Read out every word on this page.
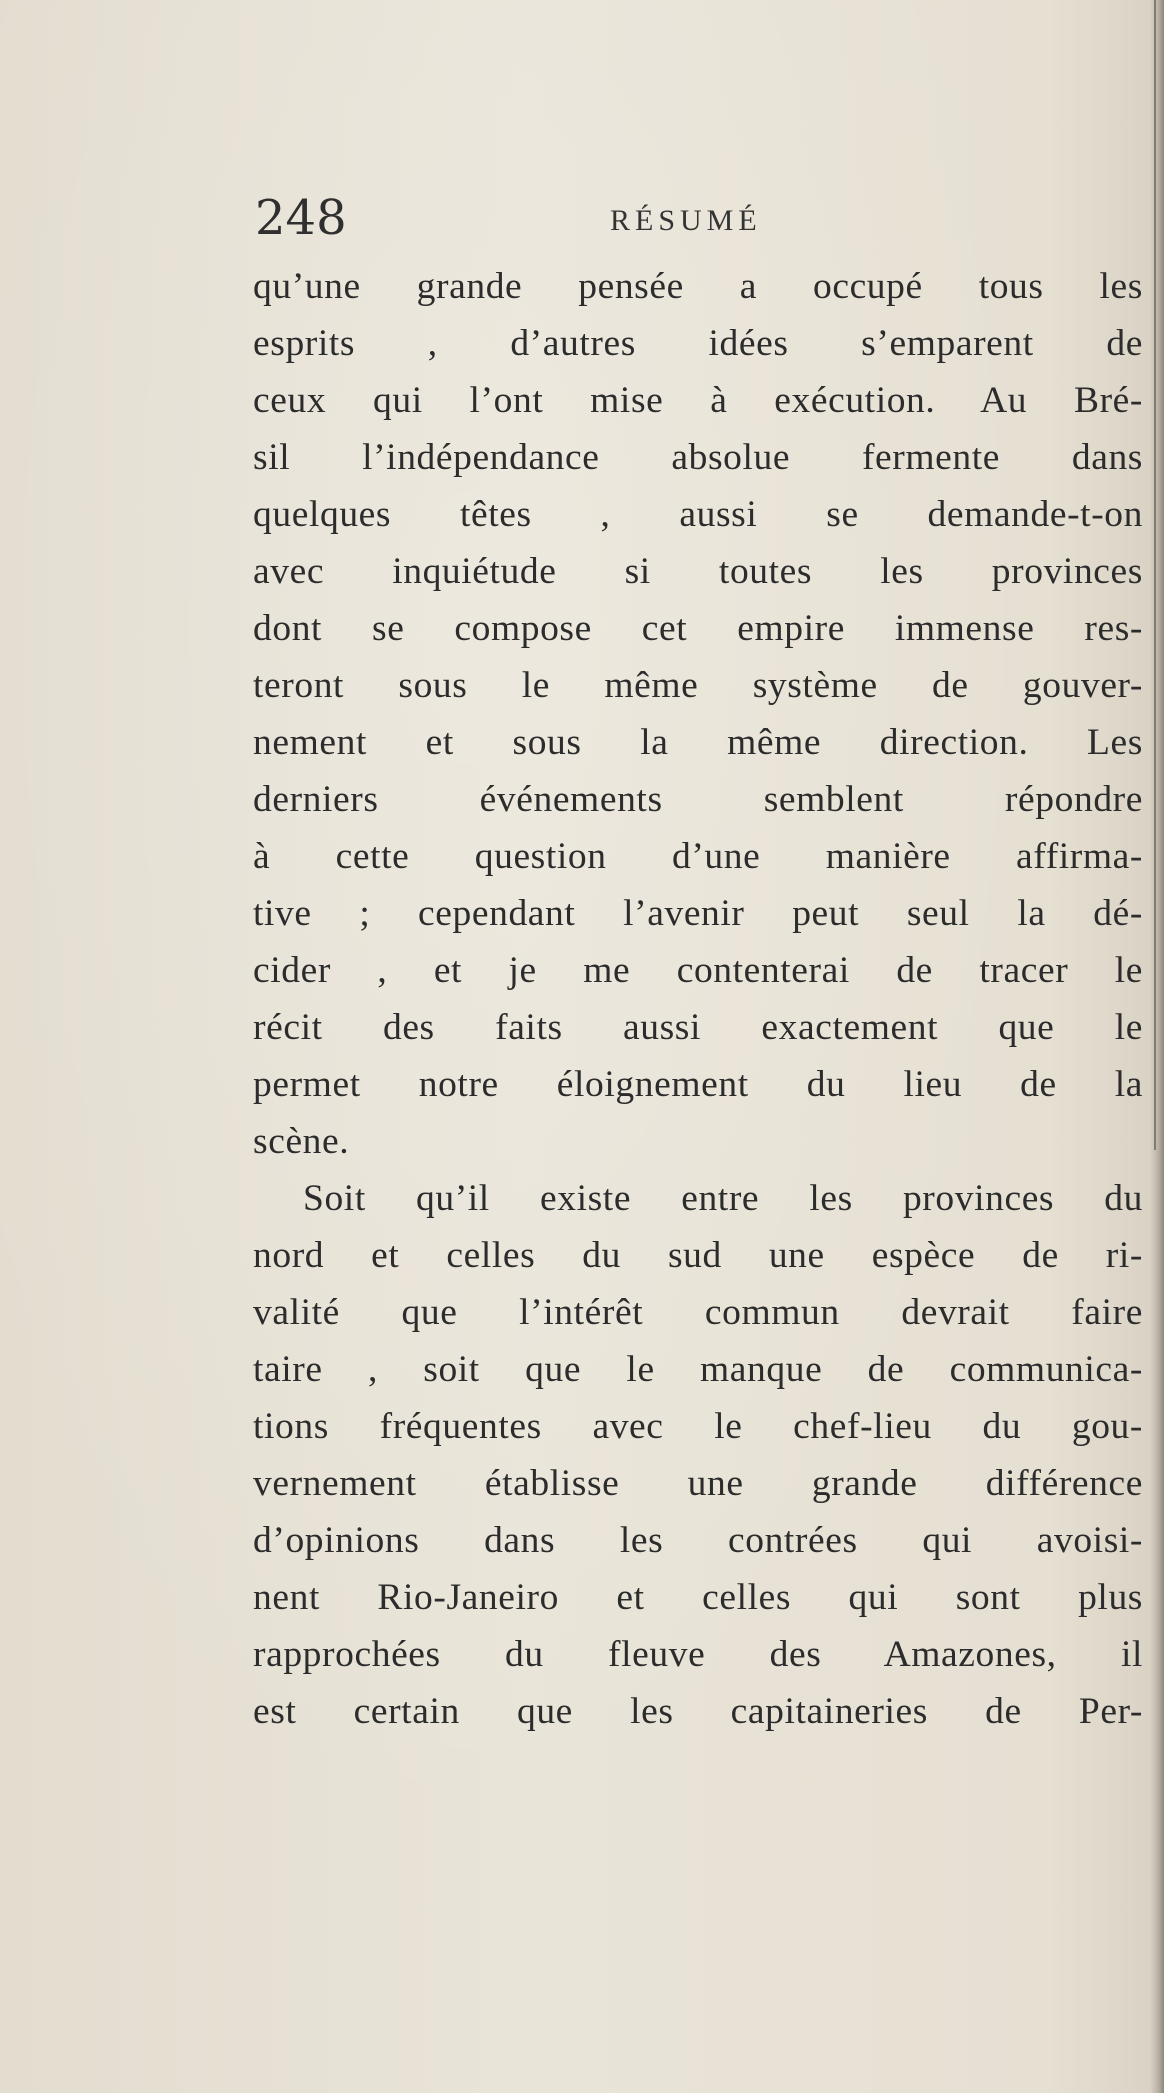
248	RÉSUMÉ
qu’une grande pensée a occupé tous les
esprits , d’autres idées s’emparent de
ceux qui l’ont mise à exécution. Au Bré-
sil l’indépendance absolue fermente dans
quelques têtes , aussi se demande-t-on
avec inquiétude si toutes les provinces
dont se compose cet empire immense res-
teront sous le même système de gouver-
nement et sous la même direction. Les
derniers événements semblent répondre
à cette question d’une manière affirma-
tive ; cependant l’avenir peut seul la dé-
cider , et je me contenterai de tracer le
récit des faits aussi exactement que le
permet notre éloignement du lieu de la
scène.
Soit qu’il existe entre les provinces du
nord et celles du sud une espèce de ri-
valité que l’intérêt commun devrait faire
taire , soit que le manque de communica-
tions fréquentes avec le chef-lieu du gou-
vernement établisse une grande différence
d’opinions dans les contrées qui avoisi-
nent Rio-Janeiro et celles qui sont plus
rapprochées du fleuve des Amazones, il
est certain que les capitaineries de Per-
